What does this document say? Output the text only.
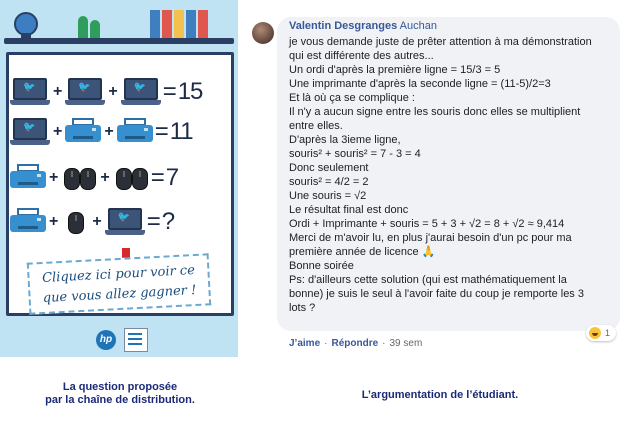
🐦 + 🐦 + 🐦 = 15
🐦 +	+ = 11
+	+ = 7
+ + 🐦 = ?
Cliquez ici pour voir ce
que vous allez gagner !
hp
La question proposée
par la chaîne de distribution.
Valentin Desgranges Auchan
je vous demande juste de prêter attention à ma démonstration
qui est différente des autres...
Un ordi d'après la première ligne = 15/3 = 5
Une imprimante d'après la seconde ligne = (11-5)/2=3
Et là où ça se complique :
Il n'y a aucun signe entre les souris donc elles se multiplient
entre elles.
D'après la 3ieme ligne,
souris² + souris² = 7 - 3 = 4
Donc seulement
souris² = 4/2 = 2
Une souris = √2
Le résultat final est donc
Ordi + Imprimante + souris = 5 + 3 + √2 = 8 + √2 ≈ 9,414
Merci de m'avoir lu, en plus j'aurai besoin d'un pc pour ma
première année de licence 🙏
Bonne soirée
Ps: d'ailleurs cette solution (qui est mathématiquement la
bonne) je suis le seul à l'avoir faite du coup je remporte les 3
lots ?
1
J’aime · Répondre · 39 sem
L’argumentation de l’étudiant.
